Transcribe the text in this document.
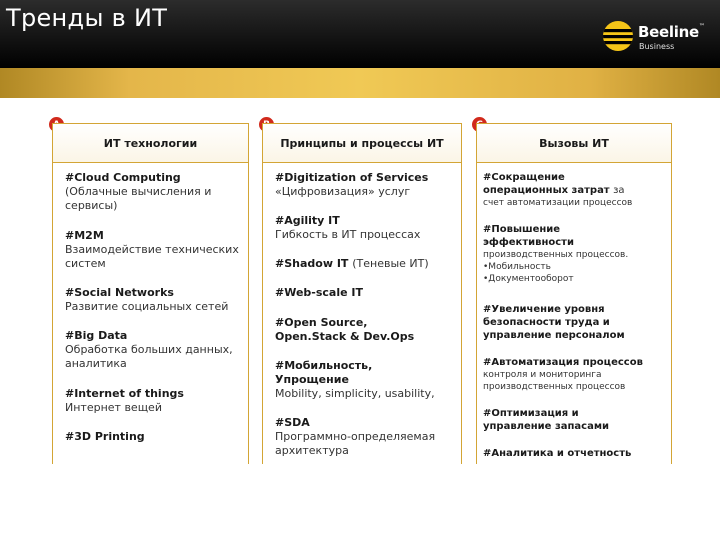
Тренды в ИТ	Beeline™
Business
ИТ технологии
#Cloud Computing
(Облачные вычисления и сервисы)
#M2M
Взаимодействие технических систем
#Social Networks
Развитие социальных сетей
#Big Data
Обработка больших данных, аналитика
#Internet of things
Интернет вещей
#3D Printing
Принципы и процессы ИТ
#Digitization of Services
«Цифровизация» услуг
#Agility IT
Гибкость в ИТ процессах
#Shadow IT (Теневые ИТ)
#Web-scale IT
#Open Source, Open.Stack & Dev.Ops
#Мобильность, Упрощение
Mobility, simplicity, usability,
#SDA
Программно-определяемая архитектура
Вызовы ИТ
#Сокращение операционных затрат за
счет автоматизации процессов
#Повышение эффективности
производственных процессов.
•Мобильность
•Документооборот
#Увеличение уровня безопасности труда и управление персоналом
#Автоматизация процессов
контроля и мониторинга производственных процессов
#Оптимизация и управление запасами
#Аналитика и отчетность
